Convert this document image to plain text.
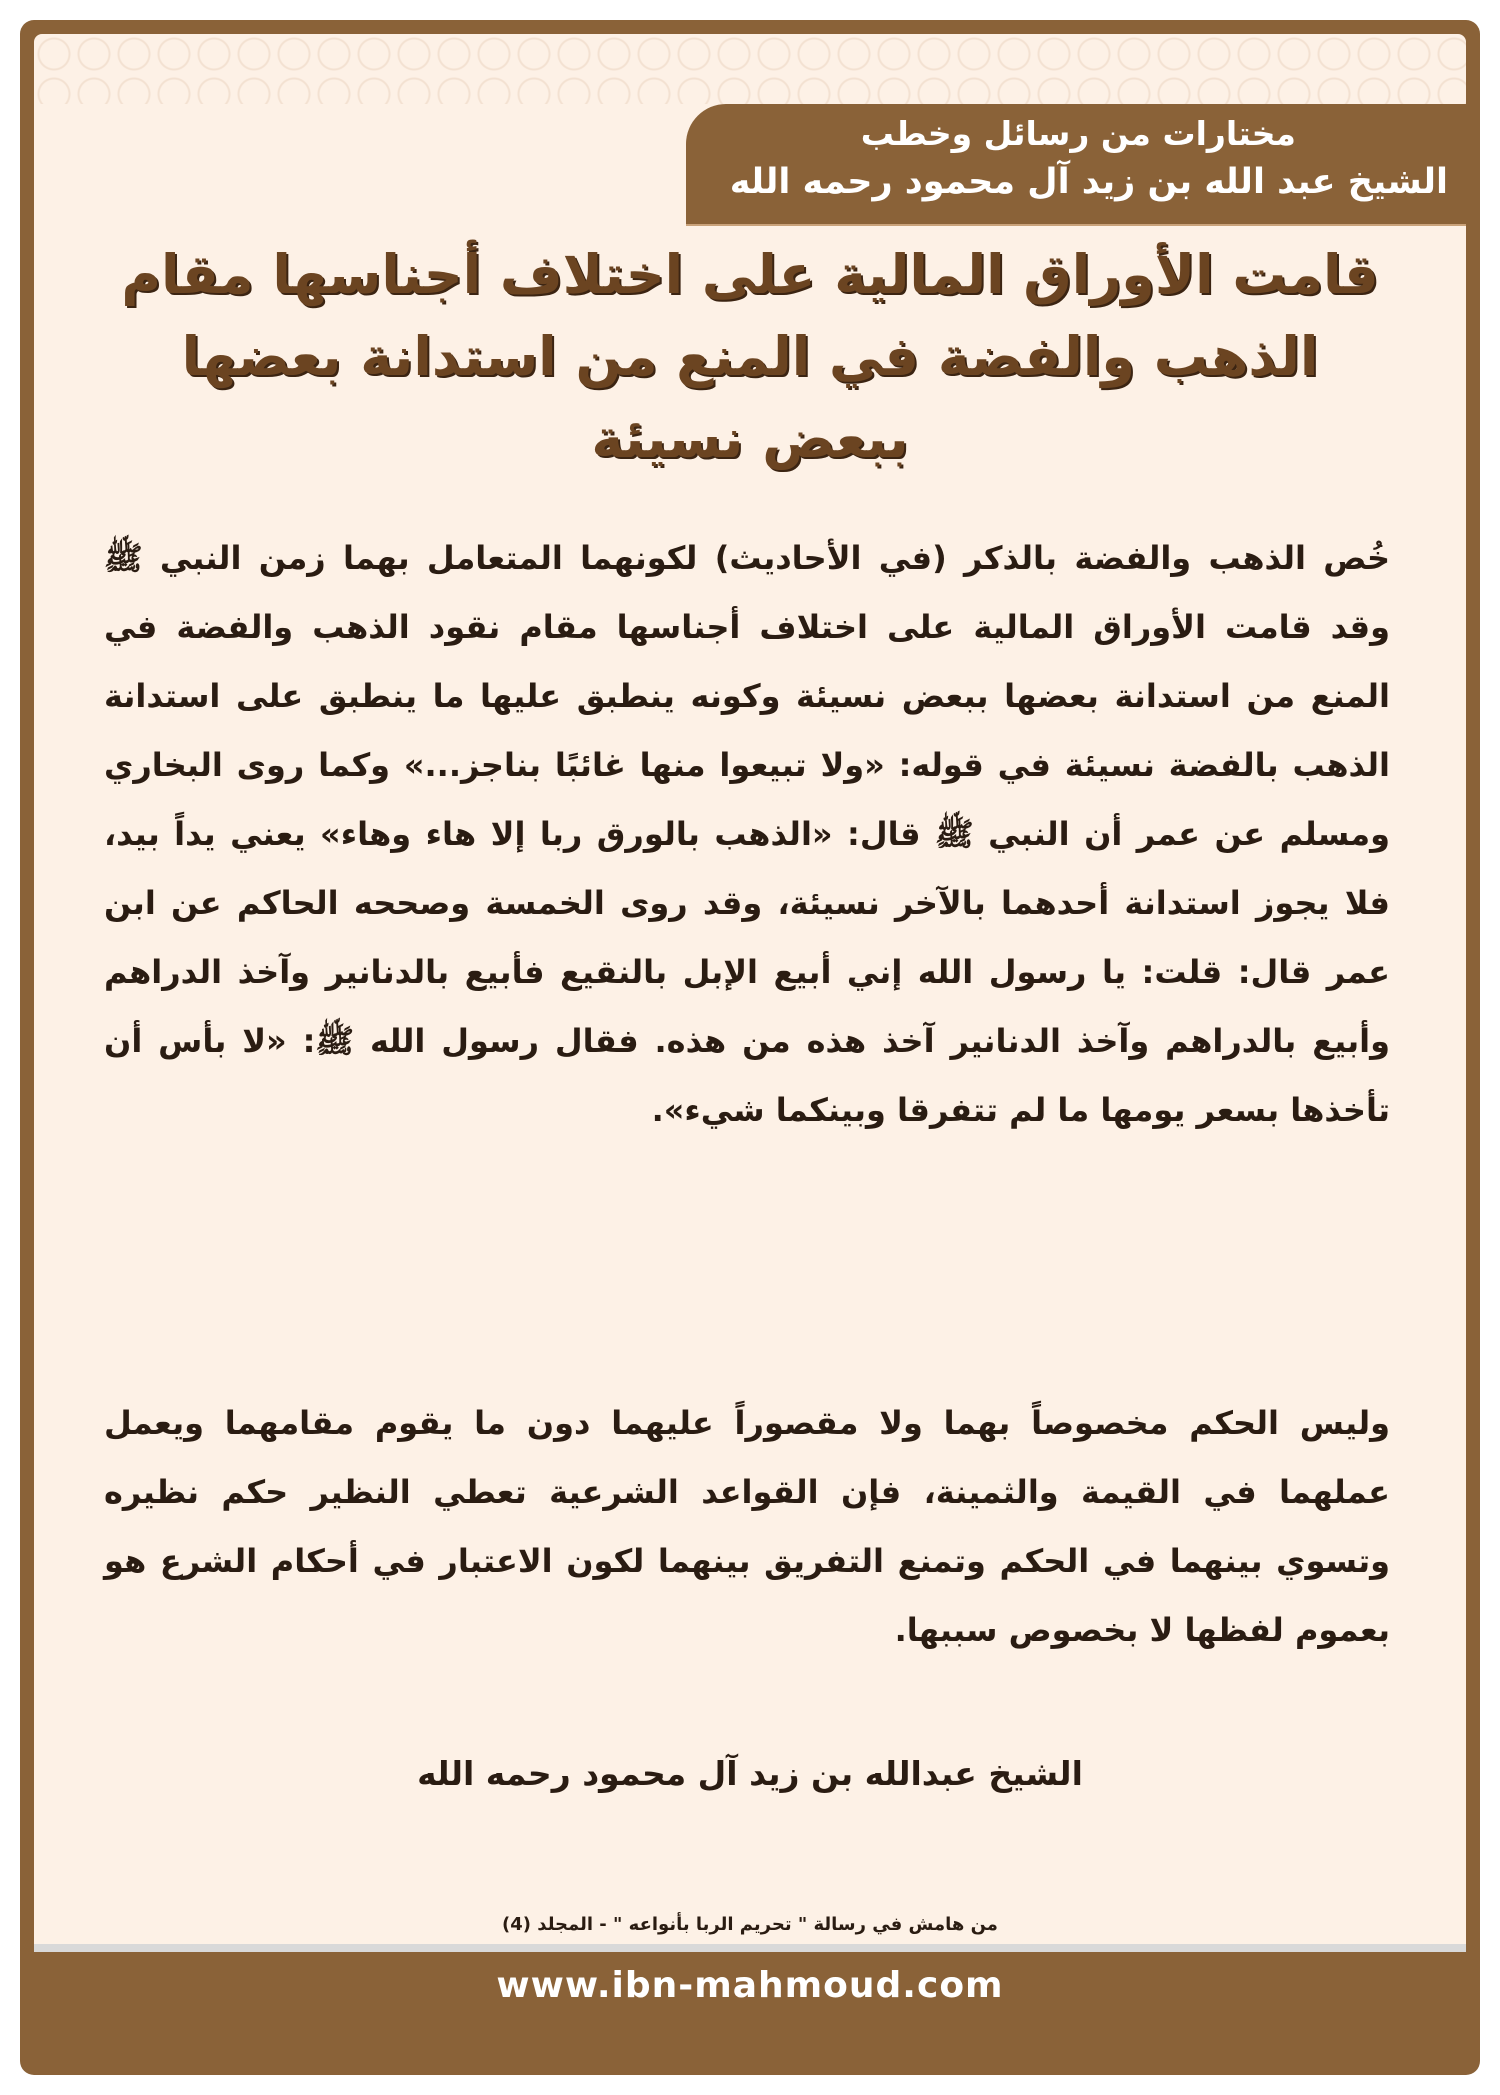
مختارات من رسائل وخطب
الشيخ عبد الله بن زيد آل محمود رحمه الله
قامت الأوراق المالية على اختلاف أجناسها مقام الذهب والفضة في المنع من استدانة بعضها ببعض نسيئة
خُص الذهب والفضة بالذكر (في الأحاديث) لكونهما المتعامل بهما زمن النبي ﷺ وقد قامت الأوراق المالية على اختلاف أجناسها مقام نقود الذهب والفضة في المنع من استدانة بعضها ببعض نسيئة وكونه ينطبق عليها ما ينطبق على استدانة الذهب بالفضة نسيئة في قوله: «ولا تبيعوا منها غائبًا بناجز...» وكما روى البخاري ومسلم عن عمر أن النبي ﷺ قال: «الذهب بالورق ربا إلا هاء وهاء» يعني يداً بيد، فلا يجوز استدانة أحدهما بالآخر نسيئة، وقد روى الخمسة وصححه الحاكم عن ابن عمر قال: قلت: يا رسول الله إني أبيع الإبل بالنقيع فأبيع بالدنانير وآخذ الدراهم وأبيع بالدراهم وآخذ الدنانير آخذ هذه من هذه. فقال رسول الله ﷺ: «لا بأس أن تأخذها بسعر يومها ما لم تتفرقا وبينكما شيء».
وليس الحكم مخصوصاً بهما ولا مقصوراً عليهما دون ما يقوم مقامهما ويعمل عملهما في القيمة والثمينة، فإن القواعد الشرعية تعطي النظير حكم نظيره وتسوي بينهما في الحكم وتمنع التفريق بينهما لكون الاعتبار في أحكام الشرع هو بعموم لفظها لا بخصوص سببها.
الشيخ عبدالله بن زيد آل محمود رحمه الله
من هامش في رسالة " تحريم الربا بأنواعه " - المجلد (4)
www.ibn-mahmoud.com
